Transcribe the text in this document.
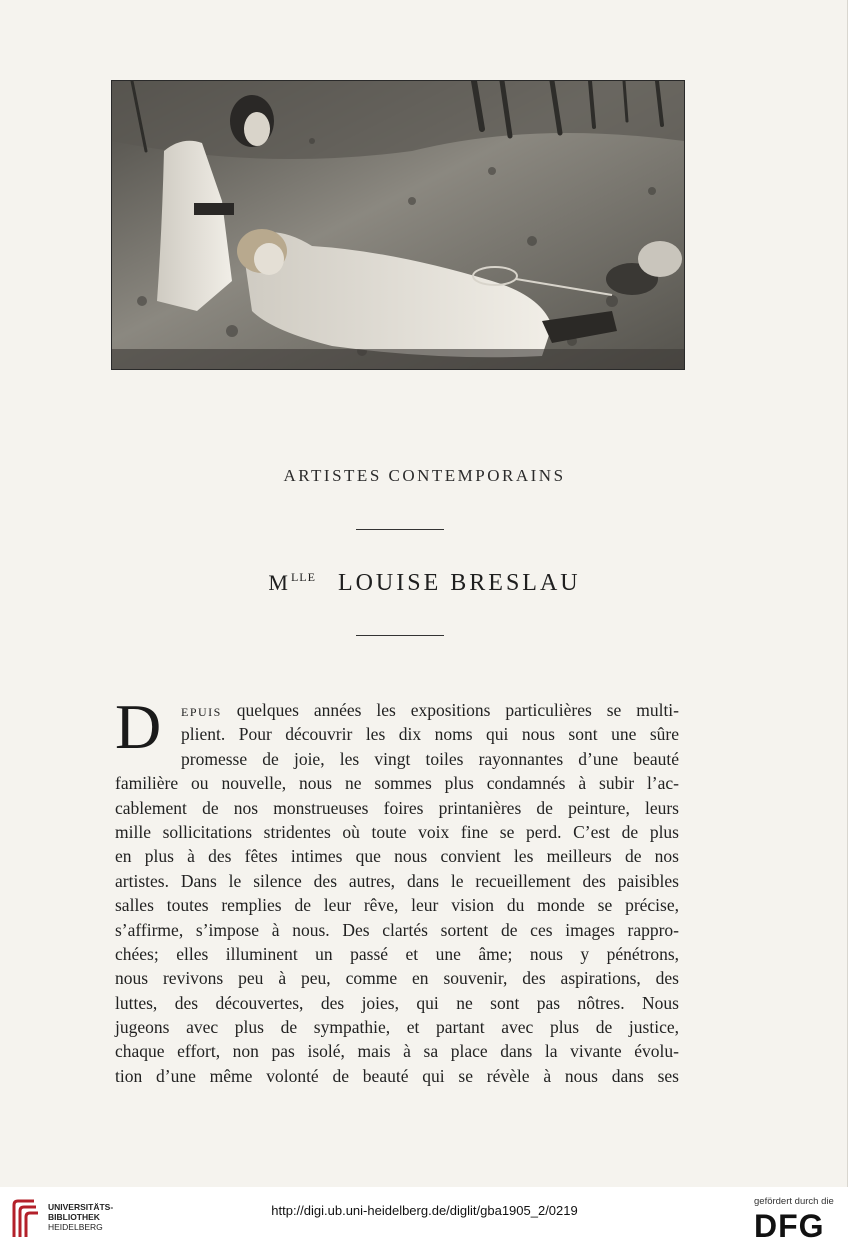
ARTISTES CONTEMPORAINS
$M^{LLE}$ LOUISE BRESLAU
D	epuis quelques années les expositions particulières se multi-
plient. Pour découvrir les dix noms qui nous sont une sûre
promesse de joie, les vingt toiles rayonnantes d’une beauté
familière ou nouvelle, nous ne sommes plus condamnés à subir l’ac-
cablement de nos monstrueuses foires printanières de peinture, leurs
mille sollicitations stridentes où toute voix fine se perd. C’est de plus
en plus à des fêtes intimes que nous convient les meilleurs de nos
artistes. Dans le silence des autres, dans le recueillement des paisibles
salles toutes remplies de leur rêve, leur vision du monde se précise,
s’affirme, s’impose à nous. Des clartés sortent de ces images rappro-
chées; elles illuminent un passé et une âme; nous y pénétrons,
nous revivons peu à peu, comme en souvenir, des aspirations, des
luttes, des découvertes, des joies, qui ne sont pas nôtres. Nous
jugeons avec plus de sympathie, et partant avec plus de justice,
chaque effort, non pas isolé, mais à sa place dans la vivante évolu-
tion d’une même volonté de beauté qui se révèle à nous dans ses
UNIVERSITÄTS-
BIBLIOTHEK
HEIDELBERG
http://digi.ub.uni-heidelberg.de/diglit/gba1905_2/0219
gefördert durch die
DFG
